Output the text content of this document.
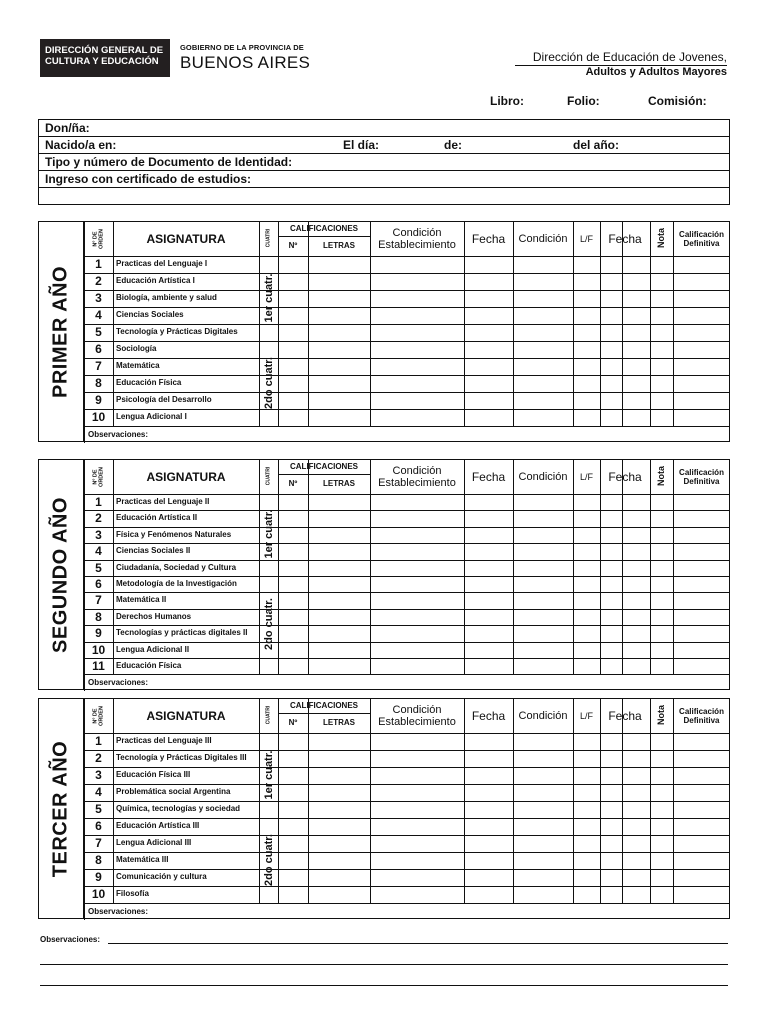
DIRECCIÓN GENERAL DE
CULTURA Y EDUCACIÓN
GOBIERNO DE LA PROVINCIA DE
BUENOS AIRES	Dirección de Educación de Jovenes,
Adultos y Adultos Mayores
Libro:	Folio:	Comisión:
Don/ña:
Nacido/a en:	El día:	de:	del año:
Tipo y número de Documento de Identidad:
Ingreso con certificado de estudios:
PRIMER AÑO
Nº DE ORDEN	ASIGNATURA	CUATRI
CALIFICACIONES
Nº	LETRAS
Condición
Establecimiento	Fecha	Condición	L/F	Fecha	Nota	Calificación
Definitiva
1er cuatr.
2do cuatr.
1	Practicas del Lenguaje I
2	Educación Artística I
3	Biología, ambiente y salud
4	Ciencias Sociales
5	Tecnología y Prácticas Digitales
6	Sociología
7	Matemática
8	Educación Física
9	Psicología del Desarrollo
10	Lengua Adicional I
Observaciones:
SEGUNDO AÑO
Nº DE ORDEN	ASIGNATURA	CUATRI
CALIFICACIONES
Nº	LETRAS
Condición
Establecimiento	Fecha	Condición	L/F	Fecha	Nota	Calificación
Definitiva
1er cuatr.
2do cuatr.
1	Practicas del Lenguaje II
2	Educación Artística II
3	Física y Fenómenos Naturales
4	Ciencias Sociales II
5	Ciudadanía, Sociedad y Cultura
6	Metodología de la Investigación
7	Matemática II
8	Derechos Humanos
9	Tecnologías y prácticas digitales II
10	Lengua Adicional II
11	Educación Física
Observaciones:
TERCER AÑO
Nº DE ORDEN	ASIGNATURA	CUATRI
CALIFICACIONES
Nº	LETRAS
Condición
Establecimiento	Fecha	Condición	L/F	Fecha	Nota	Calificación
Definitiva
1er cuatr.
2do cuatr.
1	Practicas del Lenguaje III
2	Tecnología y Prácticas Digitales III
3	Educación Física III
4	Problemática social Argentina
5	Química, tecnologías y sociedad
6	Educación Artística III
7	Lengua Adicional III
8	Matemática III
9	Comunicación y cultura
10	Filosofía
Observaciones:
Observaciones:
